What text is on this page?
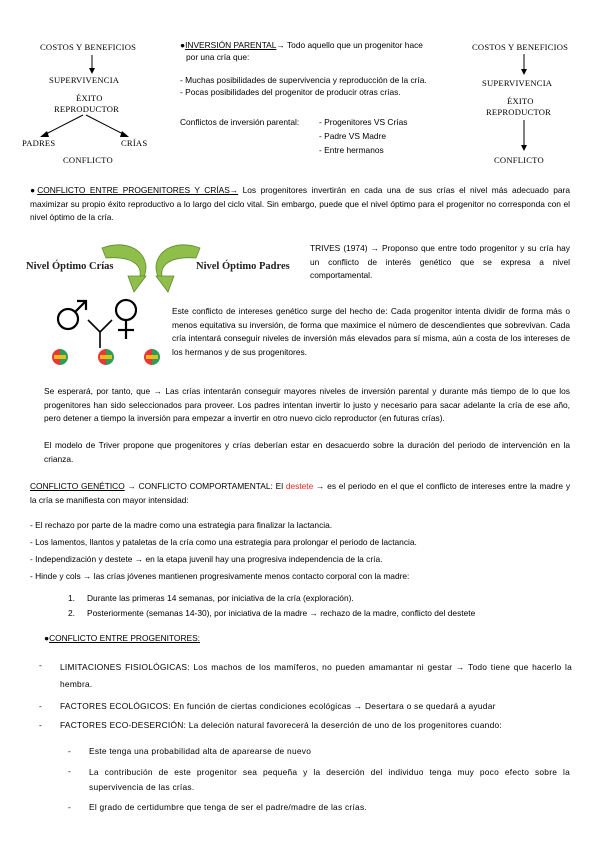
COSTOS Y BENEFICIOS
SUPERVIVENCIA
ÉXITO
REPRODUCTOR
PADRES	CRÍAS
CONFLICTO
●INVERSIÓN PARENTAL→ Todo aquello que un progenitor hace
por una cría que:
- Muchas posibilidades de supervivencia y reproducción de la cría.
- Pocas posibilidades del progenitor de producir otras crías.
Conflictos de inversión parental: - Progenitores VS Crías
- Padre VS Madre
- Entre hermanos
COSTOS Y BENEFICIOS
SUPERVIVENCIA
ÉXITO
REPRODUCTOR
CONFLICTO
●CONFLICTO ENTRE PROGENITORES Y CRÍAS→ Los progenitores invertirán en cada una de sus crías el nivel más adecuado para maximizar su propio éxito reproductivo a lo largo del ciclo vital. Sin embargo, puede que el nivel óptimo para el progenitor no corresponda con el nivel óptimo de la cría.
Nivel Óptimo Crías	Nivel Óptimo Padres
TRIVES (1974) → Proponso que entre todo progenitor y su cría hay un conflicto de interés genético que se expresa a nivel comportamental.
Este conflicto de intereses genético surge del hecho de: Cada progenitor intenta dividir de forma más o menos equitativa su inversión, de forma que maximice el número de descendientes que sobrevivan. Cada cría intentará conseguir niveles de inversión más elevados para sí misma, aún a costa de los intereses de los hermanos y de sus progenitores.
Se esperará, por tanto, que → Las crías intentarán conseguir mayores niveles de inversión parental y durante más tiempo de lo que los progenitores han sido seleccionados para proveer. Los padres intentan invertir lo justo y necesario para sacar adelante la cría de ese año, pero detener a tiempo la inversión para empezar a invertir en otro nuevo ciclo reproductor (en futuras crías).
El modelo de Triver propone que progenitores y crías deberían estar en desacuerdo sobre la duración del periodo de intervención en la crianza.
CONFLICTO GENÉTICO → CONFLICTO COMPORTAMENTAL: El destete → es el periodo en el que el conflicto de intereses entre la madre y la cría se manifiesta con mayor intensidad:
- El rechazo por parte de la madre como una estrategia para finalizar la lactancia.
- Los lamentos, llantos y pataletas de la cría como una estrategia para prolongar el periodo de lactancia.
- Independización y destete → en la etapa juvenil hay una progresiva independencia de la cría.
- Hinde y cols → las crías jóvenes mantienen progresivamente menos contacto corporal con la madre:
1. Durante las primeras 14 semanas, por iniciativa de la cría (exploración).
2. Posteriormente (semanas 14-30), por iniciativa de la madre → rechazo de la madre, conflicto del destete
●CONFLICTO ENTRE PROGENITORES:
- LIMITACIONES FISIOLÓGICAS: Los machos de los mamíferos, no pueden amamantar ni gestar → Todo tiene que hacerlo la hembra.
- FACTORES ECOLÓGICOS: En función de ciertas condiciones ecológicas → Desertara o se quedará a ayudar
- FACTORES ECO-DESERCIÓN: La deleción natural favorecerá la deserción de uno de los progenitores cuando:
- Este tenga una probabilidad alta de aparearse de nuevo
- La contribución de este progenitor sea pequeña y la deserción del individuo tenga muy poco efecto sobre la supervivencia de las crías.
- El grado de certidumbre que tenga de ser el padre/madre de las crías.
